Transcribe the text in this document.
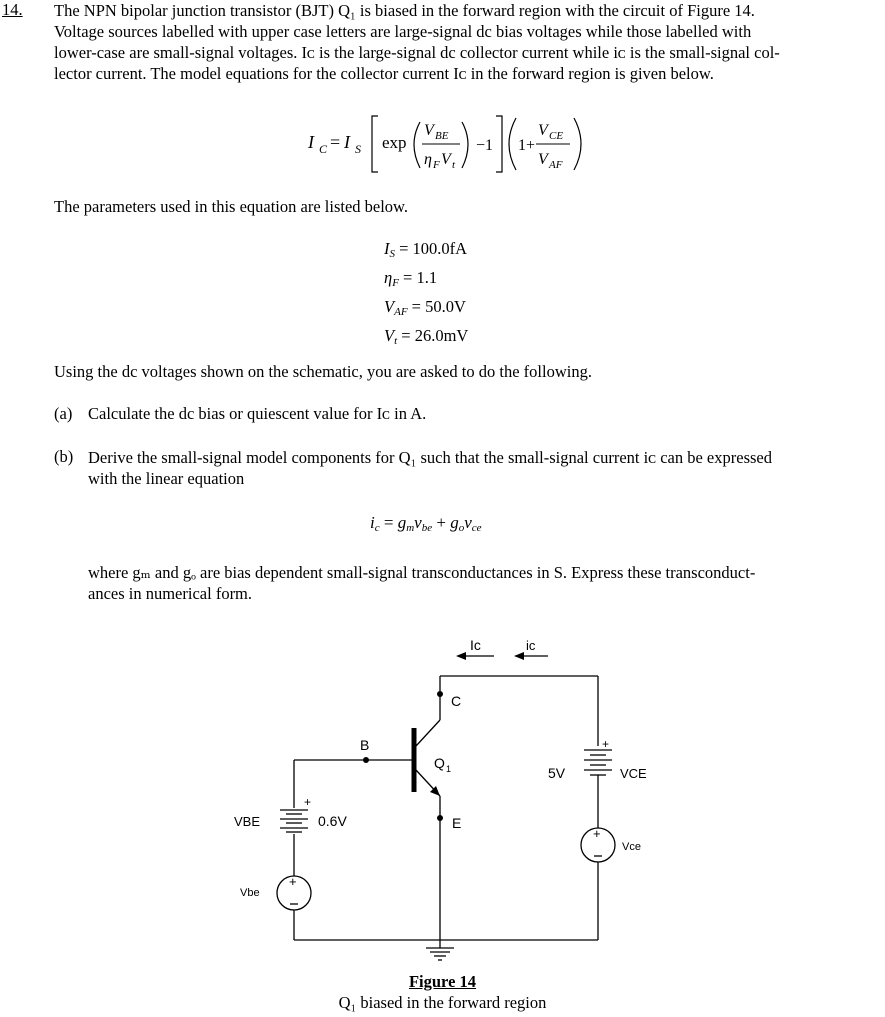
14. The NPN bipolar junction transistor (BJT) Q₁ is biased in the forward region with the circuit of Figure 14.
Voltage sources labelled with upper case letters are large-signal dc bias voltages while those labelled with
lower-case are small-signal voltages. Iᴄ is the large-signal dc collector current while iᴄ is the small-signal col-
lector current. The model equations for the collector current Iᴄ in the forward region is given below.
I C = I S exp
V BE
η F V t
−1 1+
V CE
V AF
The parameters used in this equation are listed below.
$I_S = 100.0fA$
$\eta_F = 1.1$
$V_{AF} = 50.0V$
$V_t = 26.0mV$
Using the dc voltages shown on the schematic, you are asked to do the following.
(a) Calculate the dc bias or quiescent value for Iᴄ in A.
(b) Derive the small-signal model components for Q₁ such that the small-signal current iᴄ can be expressed
with the linear equation
$i_c = g_mv_{be} + g_ov_{ce}$
where gₘ and gₒ are bias dependent small-signal transconductances in S. Express these transconduct-
ances in numerical form.
+
+
+
+
Ic	ic
C
B
Q 1
E
VBE	0.6V
Vbe
5V	VCE
Vce
Figure 14
Q₁ biased in the forward region
